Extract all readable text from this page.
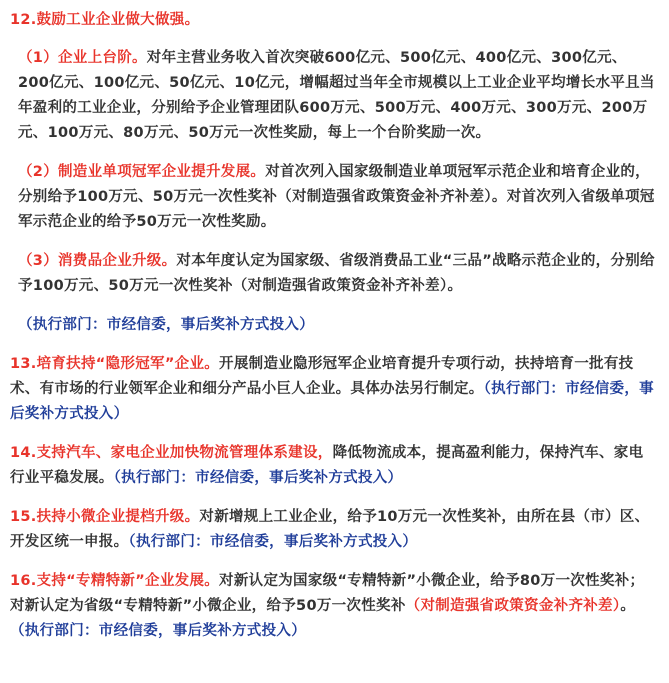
12.鼓励工业企业做大做强。
（1）企业上台阶。对年主营业务收入首次突破600亿元、500亿元、400亿元、300亿元、200亿元、100亿元、50亿元、10亿元，增幅超过当年全市规模以上工业企业平均增长水平且当年盈利的工业企业，分别给予企业管理团队600万元、500万元、400万元、300万元、200万元、100万元、80万元、50万元一次性奖励，每上一个台阶奖励一次。
（2）制造业单项冠军企业提升发展。对首次列入国家级制造业单项冠军示范企业和培育企业的，分别给予100万元、50万元一次性奖补（对制造强省政策资金补齐补差）。对首次列入省级单项冠军示范企业的给予50万元一次性奖励。
（3）消费品企业升级。对本年度认定为国家级、省级消费品工业“三品”战略示范企业的，分别给予100万元、50万元一次性奖补（对制造强省政策资金补齐补差）。
（执行部门：市经信委，事后奖补方式投入）
13.培育扶持“隐形冠军”企业。开展制造业隐形冠军企业培育提升专项行动，扶持培育一批有技术、有市场的行业领军企业和细分产品小巨人企业。具体办法另行制定。（执行部门：市经信委，事后奖补方式投入）
14.支持汽车、家电企业加快物流管理体系建设，降低物流成本，提高盈利能力，保持汽车、家电行业平稳发展。（执行部门：市经信委，事后奖补方式投入）
15.扶持小微企业提档升级。对新增规上工业企业，给予10万元一次性奖补，由所在县（市）区、开发区统一申报。（执行部门：市经信委，事后奖补方式投入）
16.支持“专精特新”企业发展。对新认定为国家级“专精特新”小微企业，给予80万一次性奖补；对新认定为省级“专精特新”小微企业，给予50万一次性奖补（对制造强省政策资金补齐补差）。（执行部门：市经信委，事后奖补方式投入）
